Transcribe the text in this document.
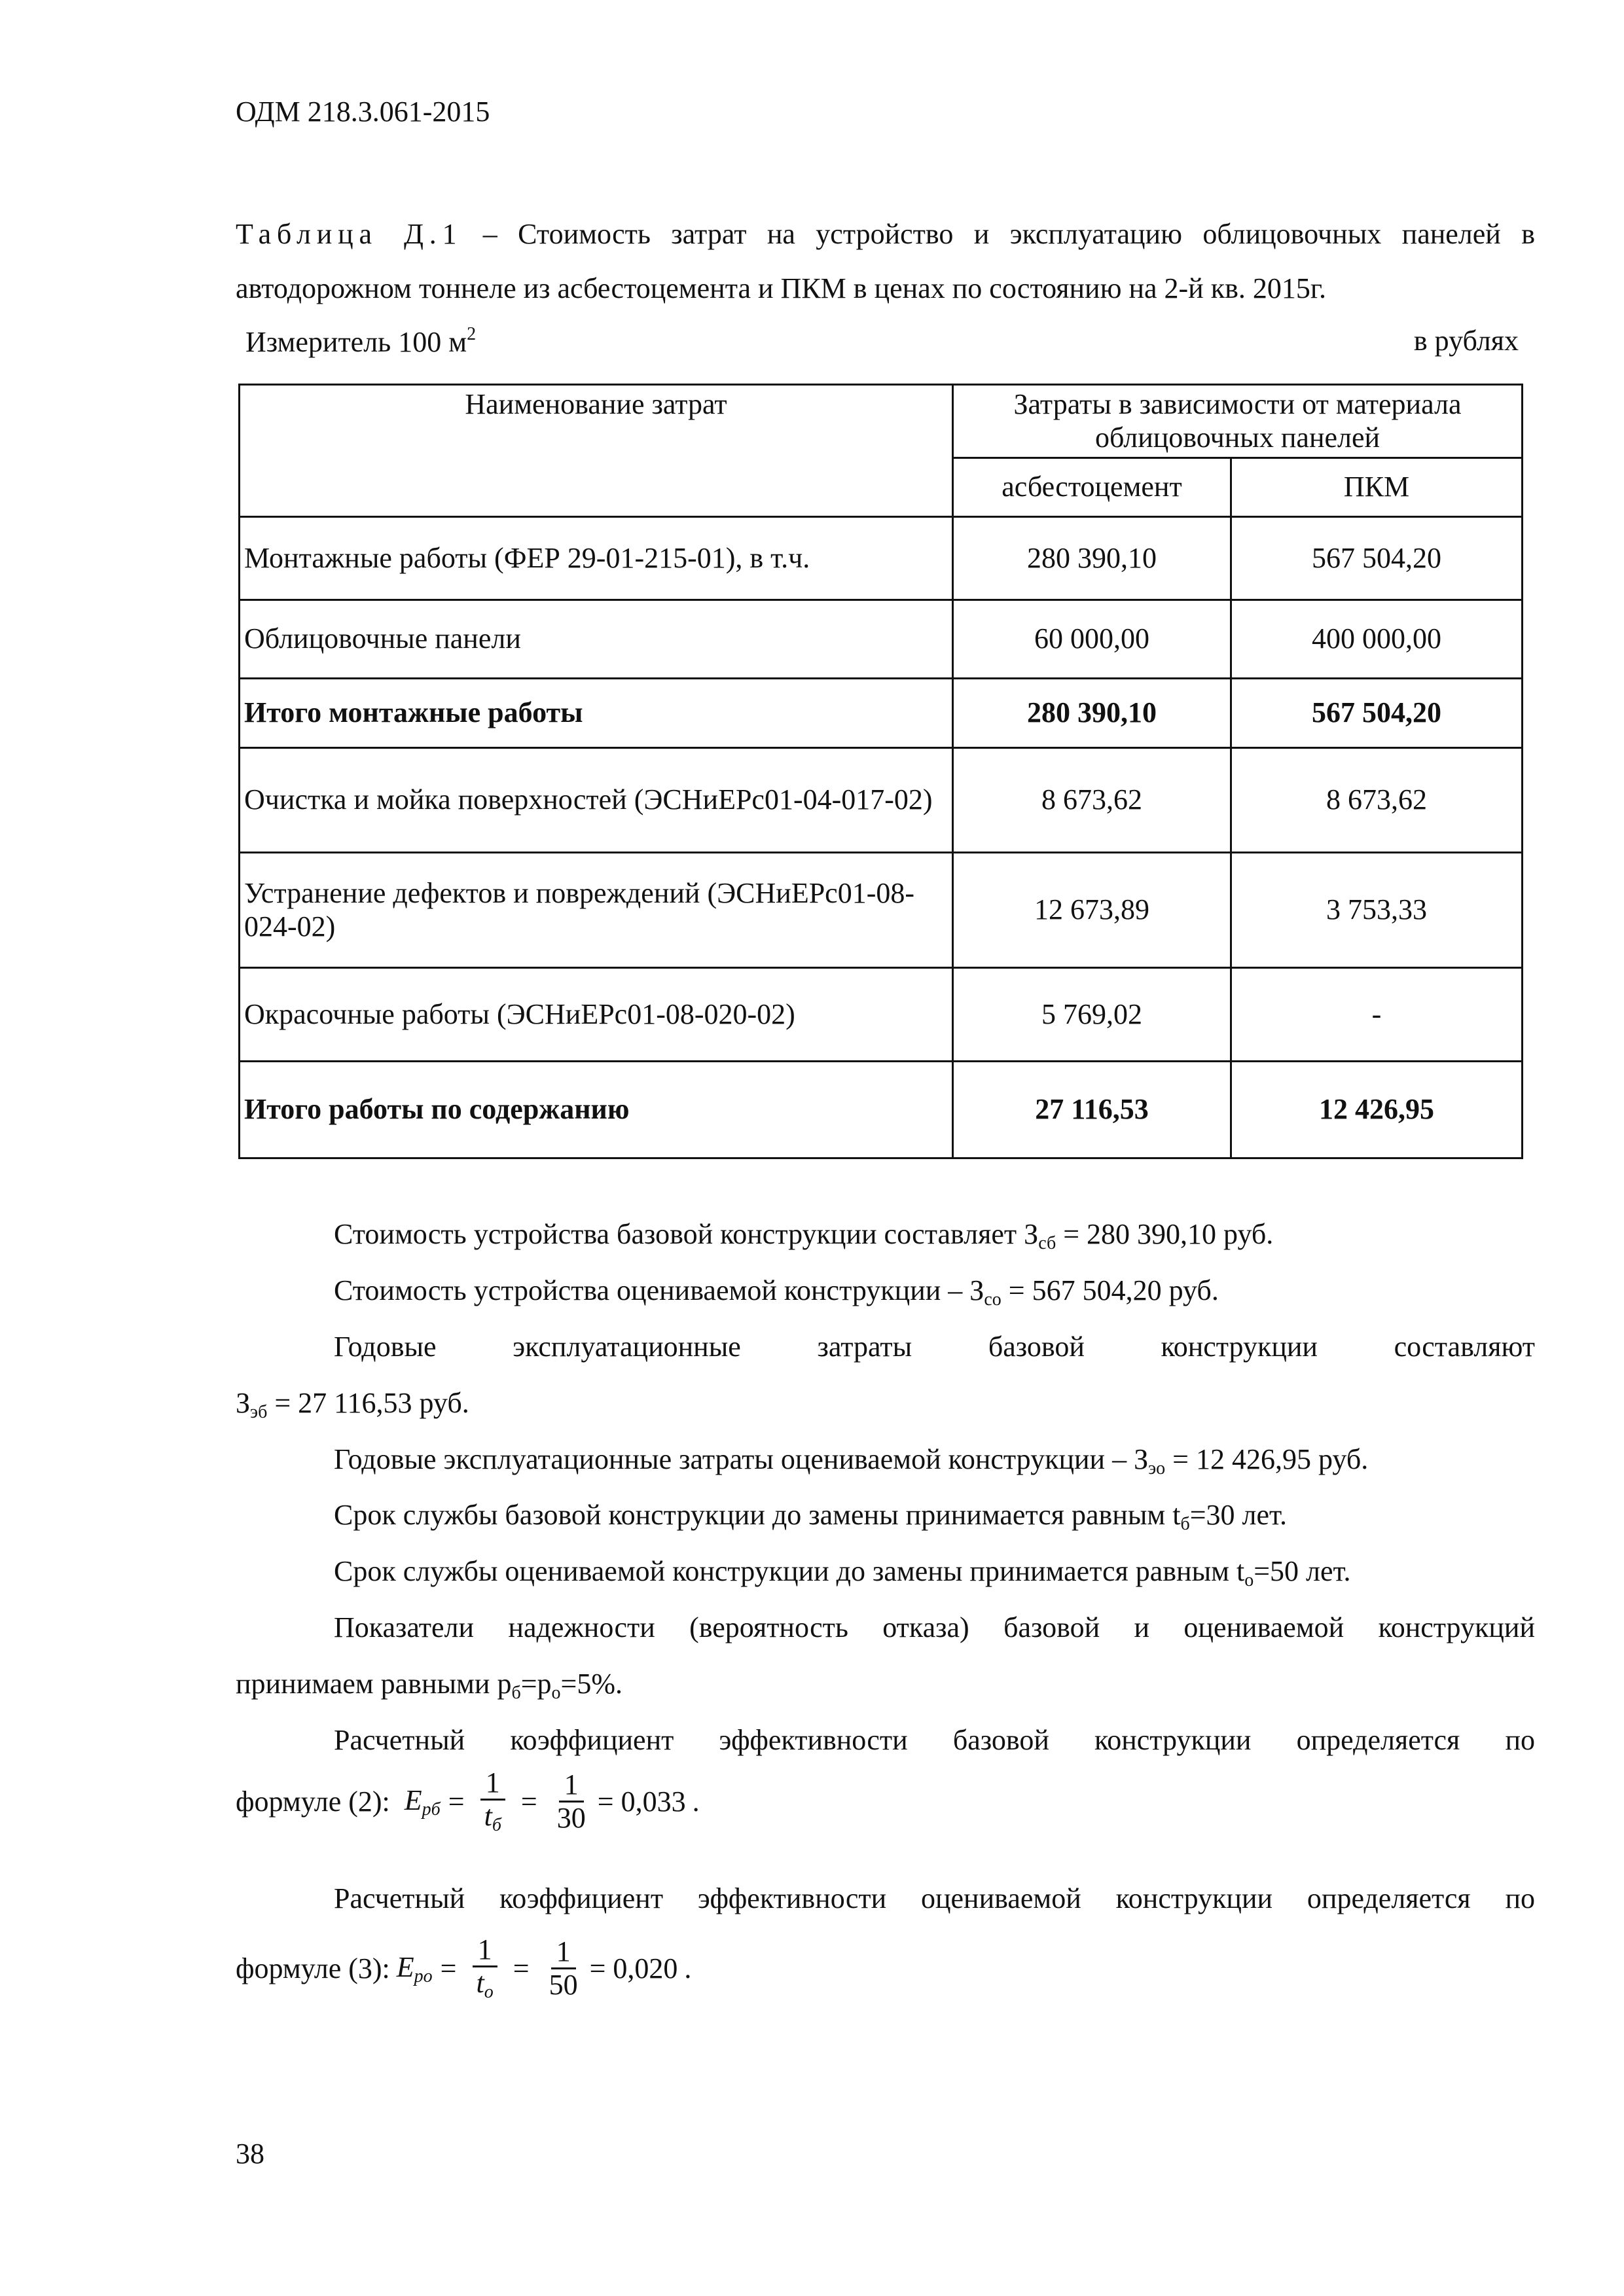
ОДМ 218.3.061-2015
Таблица Д.1 – Стоимость затрат на устройство и эксплуатацию облицовочных панелей в
автодорожном тоннеле из асбестоцемента и ПКМ в ценах по состоянию на 2-й кв. 2015г.
Измеритель 100 $м^2$	в рублях
Наименование затрат	Затраты в зависимости от материала облицовочных панелей	
	асбестоцемент	ПКМ
Монтажные работы (ФЕР 29-01-215-01), в т.ч.	280 390,10	567 504,20
Облицовочные панели	60 000,00	400 000,00
Итого монтажные работы	280 390,10	567 504,20
Очистка и мойка поверхностей (ЭСНиЕРс01-04-017-02)	8 673,62	8 673,62
Устранение дефектов и повреждений (ЭСНиЕРс01-08-024-02)	12 673,89	3 753,33
Окрасочные работы (ЭСНиЕРс01-08-020-02)	5 769,02	-
Итого работы по содержанию	27 116,53	12 426,95
Стоимость устройства базовой конструкции составляет $З_{сб} = 280$ 390,10 руб.
Стоимость устройства оцениваемой конструкции – $З_{со} = 567$ 504,20 руб.
Годовые эксплуатационные затраты базовой конструкции составляют
$З_{эб} = 27$ 116,53 руб.
Годовые эксплуатационные затраты оцениваемой конструкции – $З_{эо} = 12$ 426,95 руб.
Срок службы базовой конструкции до замены принимается равным $t_б=30$ лет.
Срок службы оцениваемой конструкции до замены принимается равным $t_о=50$ лет.
Показатели надежности (вероятность отказа) базовой и оцениваемой конструкций
принимаем равными $p_б=p_о=5\%$.
Расчетный коэффициент эффективности базовой конструкции определяется по
формуле (2): $E_{рб} = \frac{1}{t_б} = \frac{1}{30} = 0,033$ .
Расчетный коэффициент эффективности оцениваемой конструкции определяется по
формуле (3): $E_{ро} = \frac{1}{t_о} = \frac{1}{50} = 0,020$ .
38
